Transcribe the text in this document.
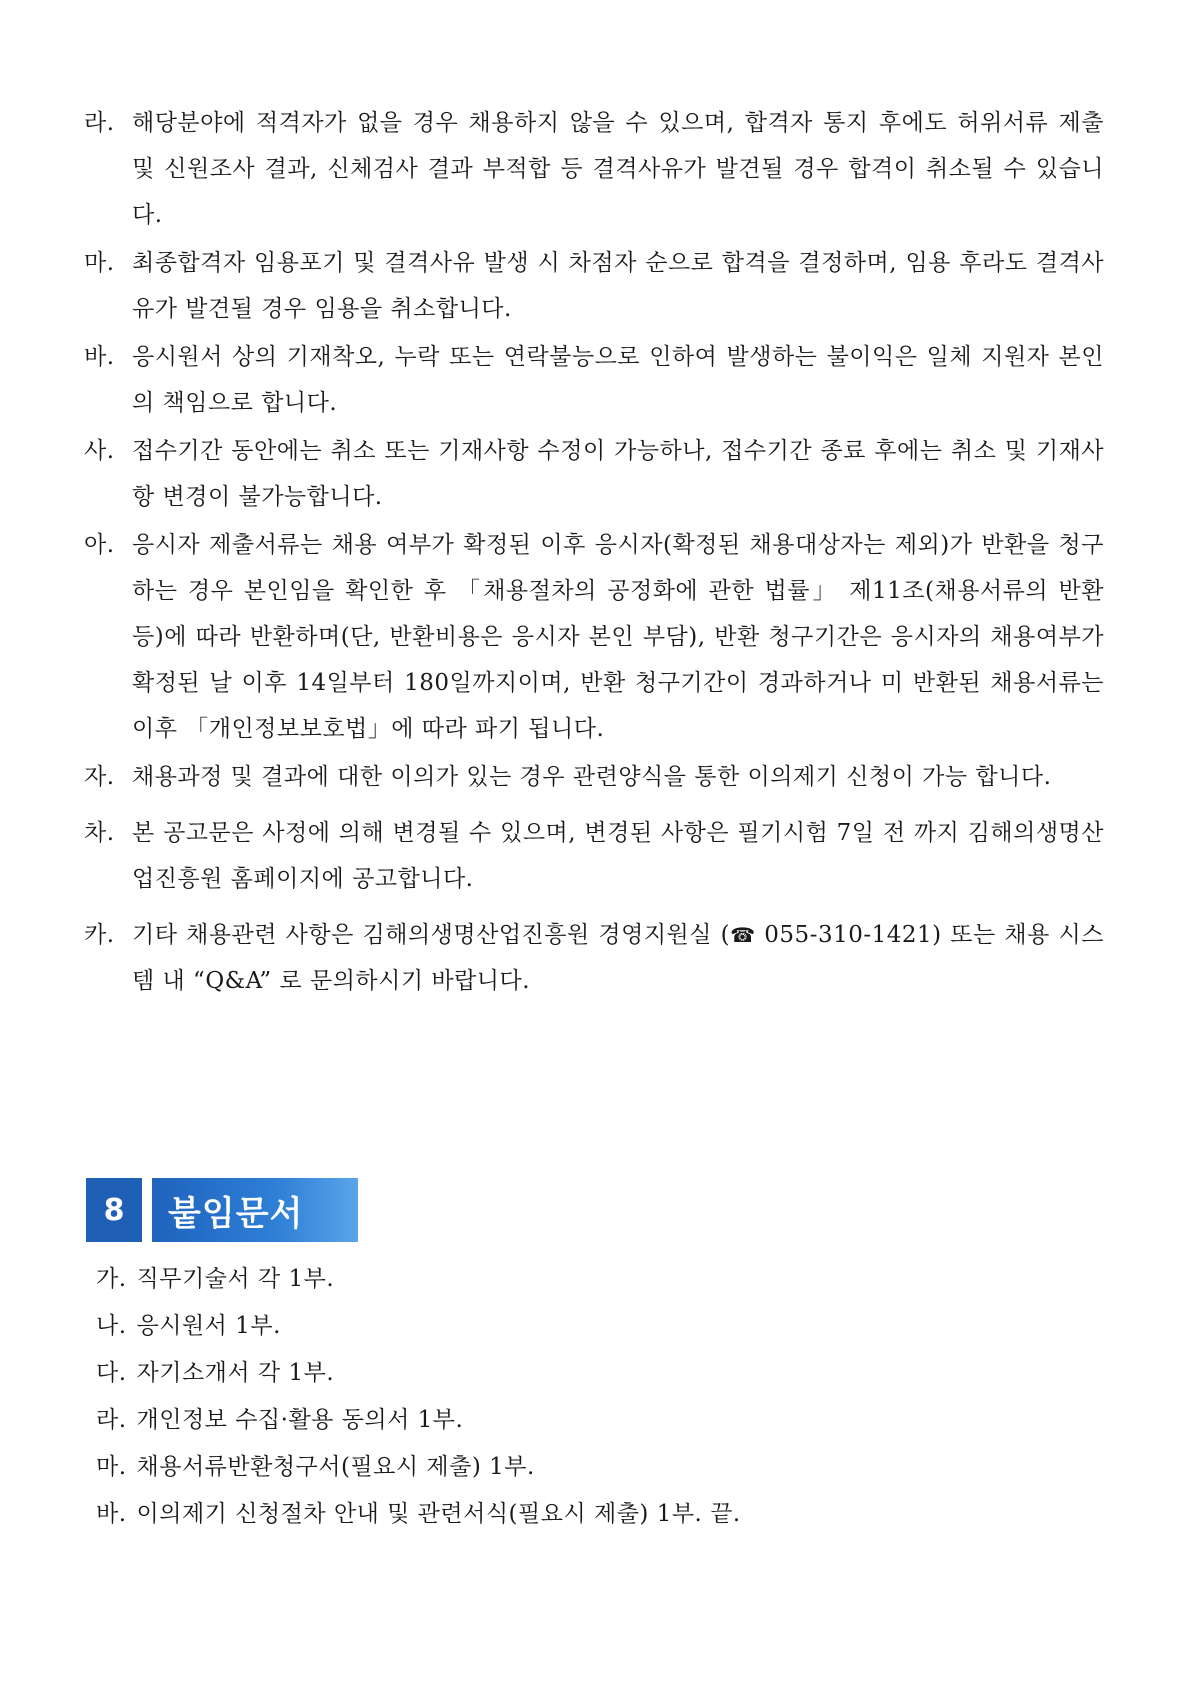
라. 해당분야에 적격자가 없을 경우 채용하지 않을 수 있으며, 합격자 통지 후에도 허위서류 제출 및 신원조사 결과, 신체검사 결과 부적합 등 결격사유가 발견될 경우 합격이 취소될 수 있습니다.
마. 최종합격자 임용포기 및 결격사유 발생 시 차점자 순으로 합격을 결정하며, 임용 후라도 결격사유가 발견될 경우 임용을 취소합니다.
바. 응시원서 상의 기재착오, 누락 또는 연락불능으로 인하여 발생하는 불이익은 일체 지원자 본인의 책임으로 합니다.
사. 접수기간 동안에는 취소 또는 기재사항 수정이 가능하나, 접수기간 종료 후에는 취소 및 기재사항 변경이 불가능합니다.
아. 응시자 제출서류는 채용 여부가 확정된 이후 응시자(확정된 채용대상자는 제외)가 반환을 청구하는 경우 본인임을 확인한 후 「채용절차의 공정화에 관한 법률」 제11조(채용서류의 반환 등)에 따라 반환하며(단, 반환비용은 응시자 본인 부담), 반환 청구기간은 응시자의 채용여부가 확정된 날 이후 14일부터 180일까지이며, 반환 청구기간이 경과하거나 미 반환된 채용서류는 이후 「개인정보보호법」에 따라 파기 됩니다.
자. 채용과정 및 결과에 대한 이의가 있는 경우 관련양식을 통한 이의제기 신청이 가능 합니다.
차. 본 공고문은 사정에 의해 변경될 수 있으며, 변경된 사항은 필기시험 7일 전 까지 김해의생명산업진흥원 홈페이지에 공고합니다.
카. 기타 채용관련 사항은 김해의생명산업진흥원 경영지원실 (☎ 055-310-1421) 또는 채용 시스템 내 “Q&A” 로 문의하시기 바랍니다.
8	붙임문서
가. 직무기술서 각 1부.
나. 응시원서 1부.
다. 자기소개서 각 1부.
라. 개인정보 수집·활용 동의서 1부.
마. 채용서류반환청구서(필요시 제출) 1부.
바. 이의제기 신청절차 안내 및 관련서식(필요시 제출) 1부. 끝.
